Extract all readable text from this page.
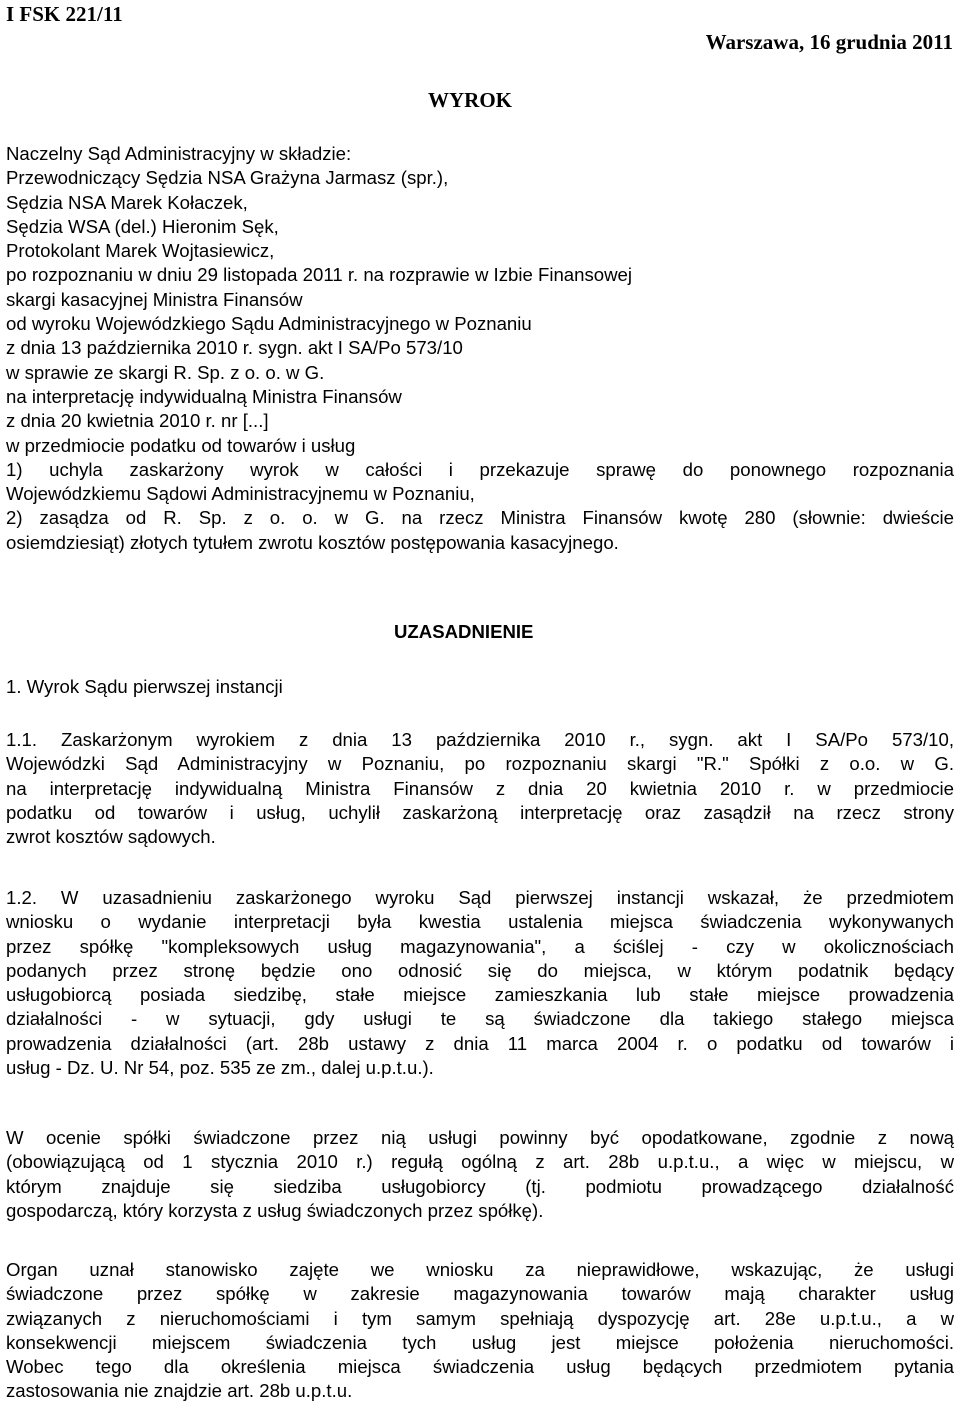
I FSK 221/11
Warszawa, 16 grudnia 2011
WYROK
Naczelny Sąd Administracyjny w składzie:
Przewodniczący Sędzia NSA Grażyna Jarmasz (spr.),
Sędzia NSA Marek Kołaczek,
Sędzia WSA (del.) Hieronim Sęk,
Protokolant Marek Wojtasiewicz,
po rozpoznaniu w dniu 29 listopada 2011 r. na rozprawie w Izbie Finansowej
skargi kasacyjnej Ministra Finansów
od wyroku Wojewódzkiego Sądu Administracyjnego w Poznaniu
z dnia 13 października 2010 r. sygn. akt I SA/Po 573/10
w sprawie ze skargi R. Sp. z o. o. w G.
na interpretację indywidualną Ministra Finansów
z dnia 20 kwietnia 2010 r. nr [...]
w przedmiocie podatku od towarów i usług
1) uchyla zaskarżony wyrok w całości i przekazuje sprawę do ponownego rozpoznania
Wojewódzkiemu Sądowi Administracyjnemu w Poznaniu,
2) zasądza od R. Sp. z o. o. w G. na rzecz Ministra Finansów kwotę 280 (słownie: dwieście
osiemdziesiąt) złotych tytułem zwrotu kosztów postępowania kasacyjnego.
UZASADNIENIE
1. Wyrok Sądu pierwszej instancji
1.1. Zaskarżonym wyrokiem z dnia 13 października 2010 r., sygn. akt I SA/Po 573/10,
Wojewódzki Sąd Administracyjny w Poznaniu, po rozpoznaniu skargi "R." Spółki z o.o. w G.
na interpretację indywidualną Ministra Finansów z dnia 20 kwietnia 2010 r. w przedmiocie
podatku od towarów i usług, uchylił zaskarżoną interpretację oraz zasądził na rzecz strony
zwrot kosztów sądowych.
1.2. W uzasadnieniu zaskarżonego wyroku Sąd pierwszej instancji wskazał, że przedmiotem
wniosku o wydanie interpretacji była kwestia ustalenia miejsca świadczenia wykonywanych
przez spółkę "kompleksowych usług magazynowania", a ściślej - czy w okolicznościach
podanych przez stronę będzie ono odnosić się do miejsca, w którym podatnik będący
usługobiorcą posiada siedzibę, stałe miejsce zamieszkania lub stałe miejsce prowadzenia
działalności - w sytuacji, gdy usługi te są świadczone dla takiego stałego miejsca
prowadzenia działalności (art. 28b ustawy z dnia 11 marca 2004 r. o podatku od towarów i
usług - Dz. U. Nr 54, poz. 535 ze zm., dalej u.p.t.u.).
W ocenie spółki świadczone przez nią usługi powinny być opodatkowane, zgodnie z nową
(obowiązującą od 1 stycznia 2010 r.) regułą ogólną z art. 28b u.p.t.u., a więc w miejscu, w
którym znajduje się siedziba usługobiorcy (tj. podmiotu prowadzącego działalność
gospodarczą, który korzysta z usług świadczonych przez spółkę).
Organ uznał stanowisko zajęte we wniosku za nieprawidłowe, wskazując, że usługi
świadczone przez spółkę w zakresie magazynowania towarów mają charakter usług
związanych z nieruchomościami i tym samym spełniają dyspozycję art. 28e u.p.t.u., a w
konsekwencji miejscem świadczenia tych usług jest miejsce położenia nieruchomości.
Wobec tego dla określenia miejsca świadczenia usług będących przedmiotem pytania
zastosowania nie znajdzie art. 28b u.p.t.u.
